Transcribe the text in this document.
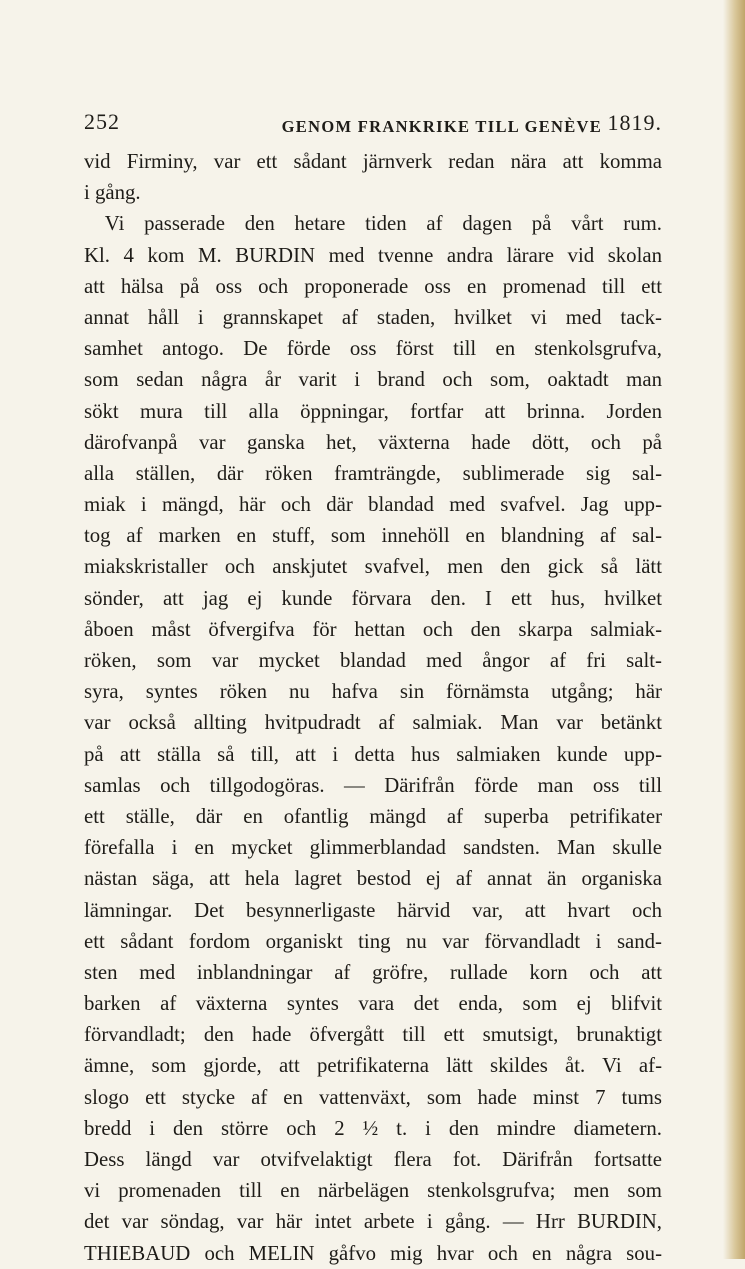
252	GENOM FRANKRIKE TILL GENÈVE 1819.
vid Firminy, var ett sådant järnverk redan nära att komma
i gång.
 Vi passerade den hetare tiden af dagen på vårt rum.
Kl. 4 kom M. BURDIN med tvenne andra lärare vid skolan
att hälsa på oss och proponerade oss en promenad till ett
annat håll i grannskapet af staden, hvilket vi med tack-
samhet antogo. De förde oss först till en stenkolsgrufva,
som sedan några år varit i brand och som, oaktadt man
sökt mura till alla öppningar, fortfar att brinna. Jorden
därofvanpå var ganska het, växterna hade dött, och på
alla ställen, där röken framträngde, sublimerade sig sal-
miak i mängd, här och där blandad med svafvel. Jag upp-
tog af marken en stuff, som innehöll en blandning af sal-
miakskristaller och anskjutet svafvel, men den gick så lätt
sönder, att jag ej kunde förvara den. I ett hus, hvilket
åboen måst öfvergifva för hettan och den skarpa salmiak-
röken, som var mycket blandad med ångor af fri salt-
syra, syntes röken nu hafva sin förnämsta utgång; här
var också allting hvitpudradt af salmiak. Man var betänkt
på att ställa så till, att i detta hus salmiaken kunde upp-
samlas och tillgodogöras. — Därifrån förde man oss till
ett ställe, där en ofantlig mängd af superba petrifikater
förefalla i en mycket glimmerblandad sandsten. Man skulle
nästan säga, att hela lagret bestod ej af annat än organiska
lämningar. Det besynnerligaste härvid var, att hvart och
ett sådant fordom organiskt ting nu var förvandladt i sand-
sten med inblandningar af gröfre, rullade korn och att
barken af växterna syntes vara det enda, som ej blifvit
förvandladt; den hade öfvergått till ett smutsigt, brunaktigt
ämne, som gjorde, att petrifikaterna lätt skildes åt. Vi af-
slogo ett stycke af en vattenväxt, som hade minst 7 tums
bredd i den större och 2 ½ t. i den mindre diametern.
Dess längd var otvifvelaktigt flera fot. Därifrån fortsatte
vi promenaden till en närbelägen stenkolsgrufva; men som
det var söndag, var här intet arbete i gång. — Hrr BURDIN,
THIEBAUD och MELIN gåfvo mig hvar och en några sou-
